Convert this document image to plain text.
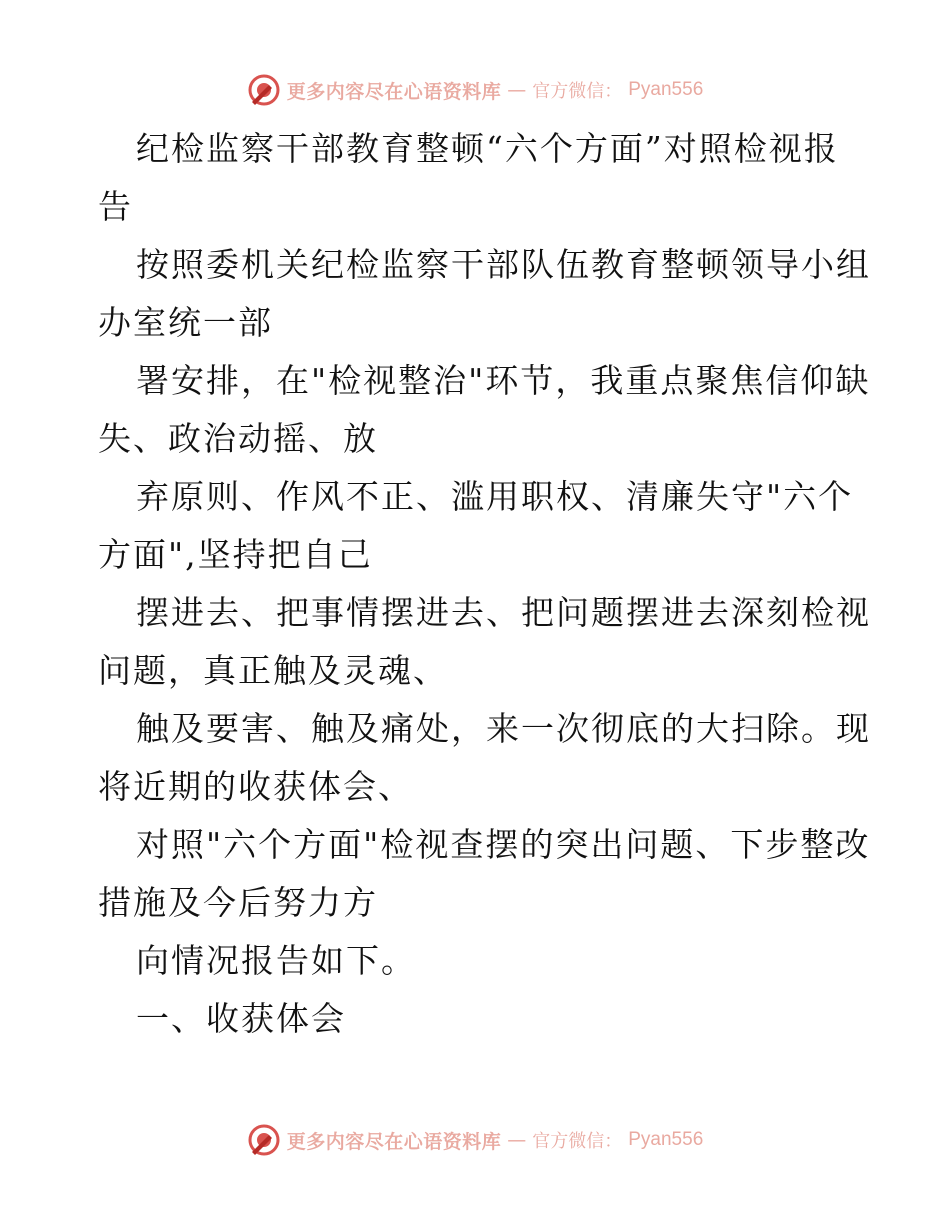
更多内容尽在心语资料库 — 官方微信： Pyan556
纪检监察干部教育整顿“六个方面”对照检视报
告
按照委机关纪检监察干部队伍教育整顿领导小组
办室统一部
署安排，在"检视整治"环节，我重点聚焦信仰缺
失、政治动摇、放
弃原则、作风不正、滥用职权、清廉失守"六个
方面",坚持把自己
摆进去、把事情摆进去、把问题摆进去深刻检视
问题，真正触及灵魂、
触及要害、触及痛处，来一次彻底的大扫除。现
将近期的收获体会、
对照"六个方面"检视查摆的突出问题、下步整改
措施及今后努力方
向情况报告如下。
一、收获体会
更多内容尽在心语资料库 — 官方微信： Pyan556
